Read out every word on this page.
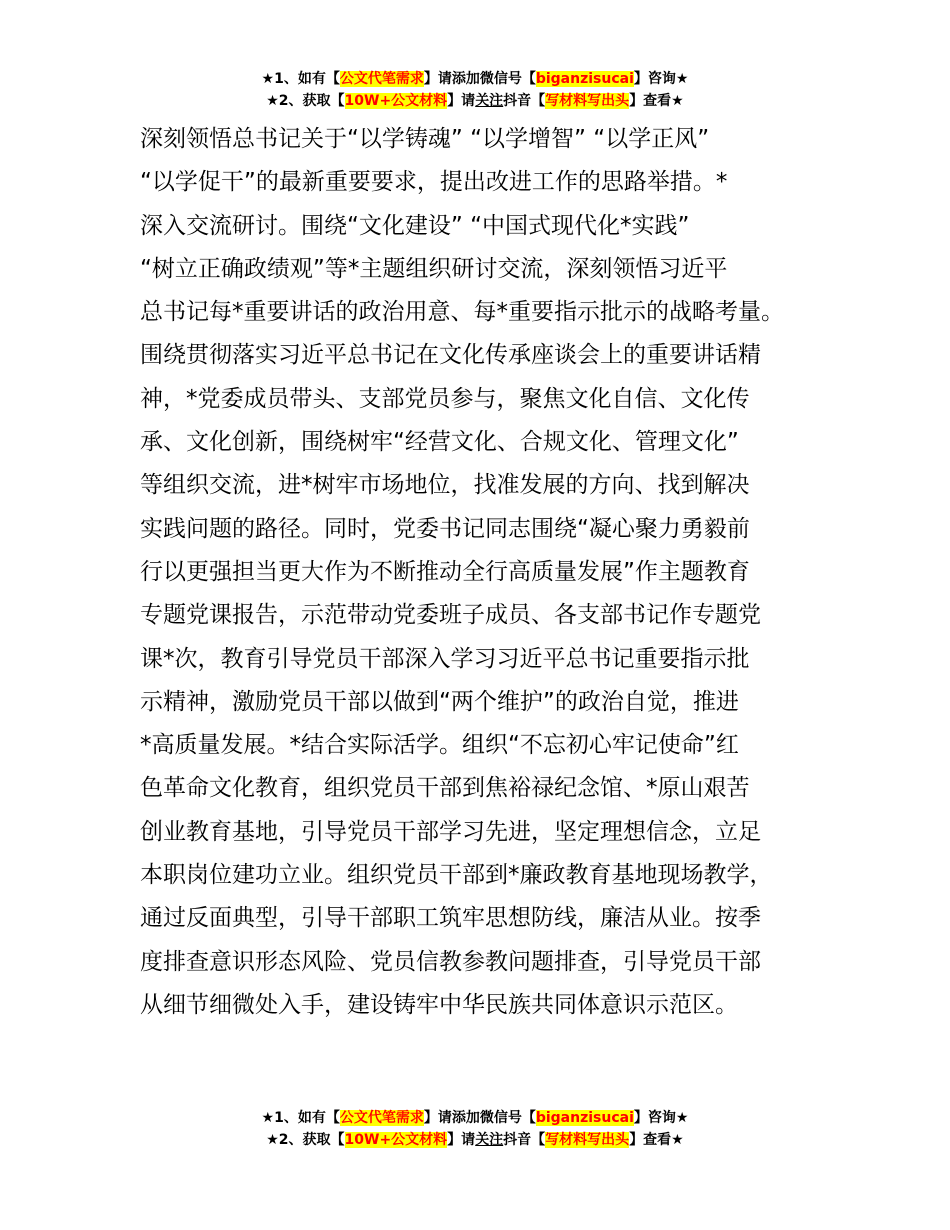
★1、如有【公文代笔需求】请添加微信号【biganzisucai】咨询★
★2、获取【10W+公文材料】请关注抖音【写材料写出头】查看★
深刻领悟总书记关于“以学铸魂” “以学增智” “以学正风”
“以学促干”的最新重要要求，提出改进工作的思路举措。*
深入交流研讨。围绕“文化建设” “中国式现代化*实践”
“树立正确政绩观”等*主题组织研讨交流，深刻领悟习近平
总书记每*重要讲话的政治用意、每*重要指示批示的战略考量。
围绕贯彻落实习近平总书记在文化传承座谈会上的重要讲话精
神，*党委成员带头、支部党员参与，聚焦文化自信、文化传
承、文化创新，围绕树牢“经营文化、合规文化、管理文化”
等组织交流，进*树牢市场地位，找准发展的方向、找到解决
实践问题的路径。同时，党委书记同志围绕“凝心聚力勇毅前
行以更强担当更大作为不断推动全行高质量发展”作主题教育
专题党课报告，示范带动党委班子成员、各支部书记作专题党
课*次，教育引导党员干部深入学习习近平总书记重要指示批
示精神，激励党员干部以做到“两个维护”的政治自觉，推进
*高质量发展。*结合实际活学。组织“不忘初心牢记使命”红
色革命文化教育，组织党员干部到焦裕禄纪念馆、*原山艰苦
创业教育基地，引导党员干部学习先进，坚定理想信念，立足
本职岗位建功立业。组织党员干部到*廉政教育基地现场教学，
通过反面典型，引导干部职工筑牢思想防线，廉洁从业。按季
度排查意识形态风险、党员信教参教问题排查，引导党员干部
从细节细微处入手，建设铸牢中华民族共同体意识示范区。
★1、如有【公文代笔需求】请添加微信号【biganzisucai】咨询★
★2、获取【10W+公文材料】请关注抖音【写材料写出头】查看★
